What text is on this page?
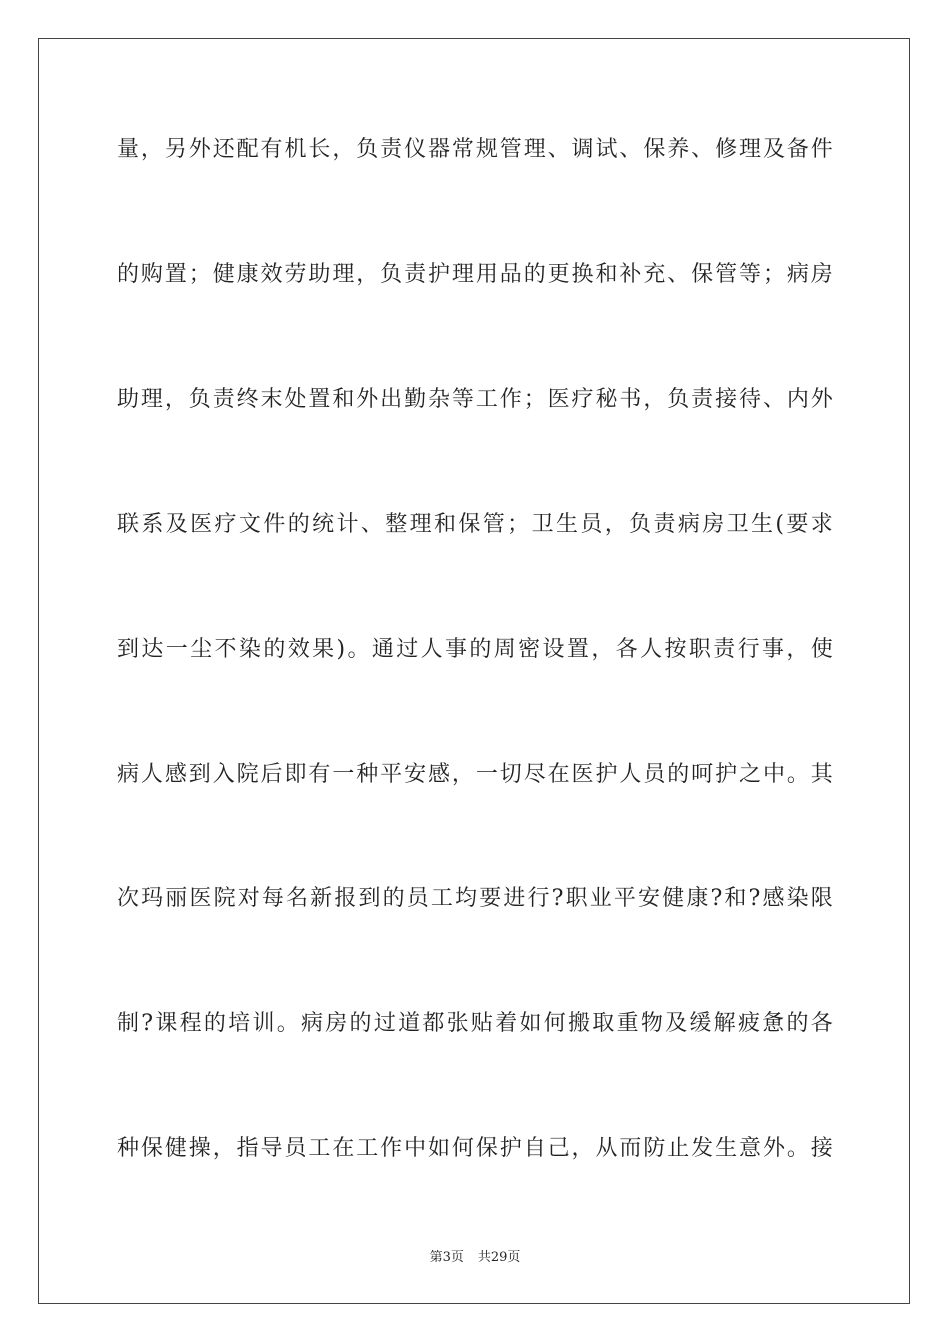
量，另外还配有机长，负责仪器常规管理、调试、保养、修理及备件
的购置；健康效劳助理，负责护理用品的更换和补充、保管等；病房
助理，负责终末处置和外出勤杂等工作；医疗秘书，负责接待、内外
联系及医疗文件的统计、整理和保管；卫生员，负责病房卫生(要求
到达一尘不染的效果)。通过人事的周密设置，各人按职责行事，使
病人感到入院后即有一种平安感，一切尽在医护人员的呵护之中。其
次玛丽医院对每名新报到的员工均要进行?职业平安健康?和?感染限
制?课程的培训。病房的过道都张贴着如何搬取重物及缓解疲惫的各
种保健操，指导员工在工作中如何保护自己，从而防止发生意外。接
第3页 共29页
